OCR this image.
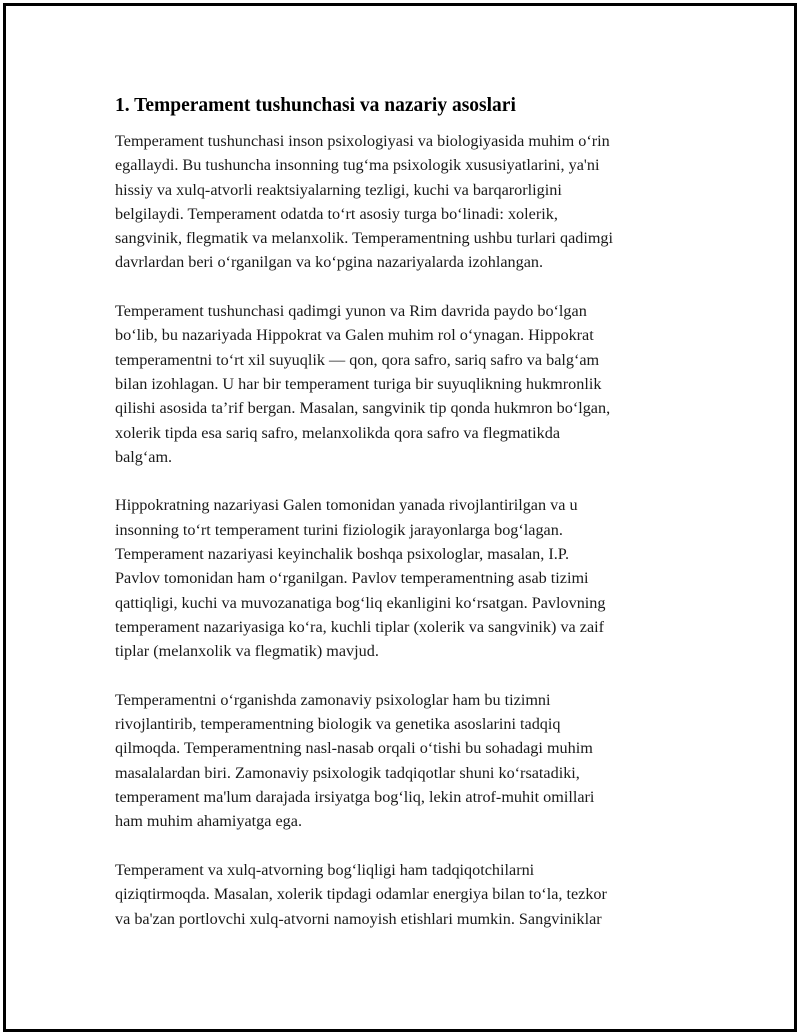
1. Temperament tushunchasi va nazariy asoslari

Temperament tushunchasi inson psixologiyasi va biologiyasida muhim oʻrin
egallaydi. Bu tushuncha insonning tugʻma psixologik xususiyatlarini, ya'ni
hissiy va xulq-atvorli reaktsiyalarning tezligi, kuchi va barqarorligini
belgilaydi. Temperament odatda toʻrt asosiy turga boʻlinadi: xolerik,
sangvinik, flegmatik va melanxolik. Temperamentning ushbu turlari qadimgi
davrlardan beri oʻrganilgan va koʻpgina nazariyalarda izohlangan.

Temperament tushunchasi qadimgi yunon va Rim davrida paydo boʻlgan
boʻlib, bu nazariyada Hippokrat va Galen muhim rol oʻynagan. Hippokrat
temperamentni toʻrt xil suyuqlik — qon, qora safro, sariq safro va balgʻam
bilan izohlagan. U har bir temperament turiga bir suyuqlikning hukmronlik
qilishi asosida taʼrif bergan. Masalan, sangvinik tip qonda hukmron boʻlgan,
xolerik tipda esa sariq safro, melanxolikda qora safro va flegmatikda
balgʻam.

Hippokratning nazariyasi Galen tomonidan yanada rivojlantirilgan va u
insonning toʻrt temperament turini fiziologik jarayonlarga bogʻlagan.
Temperament nazariyasi keyinchalik boshqa psixologlar, masalan, I.P.
Pavlov tomonidan ham oʻrganilgan. Pavlov temperamentning asab tizimi
qattiqligi, kuchi va muvozanatiga bogʻliq ekanligini koʻrsatgan. Pavlovning
temperament nazariyasiga koʻra, kuchli tiplar (xolerik va sangvinik) va zaif
tiplar (melanxolik va flegmatik) mavjud.

Temperamentni oʻrganishda zamonaviy psixologlar ham bu tizimni
rivojlantirib, temperamentning biologik va genetika asoslarini tadqiq
qilmoqda. Temperamentning nasl-nasab orqali oʻtishi bu sohadagi muhim
masalalardan biri. Zamonaviy psixologik tadqiqotlar shuni koʻrsatadiki,
temperament ma'lum darajada irsiyatga bogʻliq, lekin atrof-muhit omillari
ham muhim ahamiyatga ega.

Temperament va xulq-atvorning bogʻliqligi ham tadqiqotchilarni
qiziqtirmoqda. Masalan, xolerik tipdagi odamlar energiya bilan toʻla, tezkor
va ba'zan portlovchi xulq-atvorni namoyish etishlari mumkin. Sangviniklar
